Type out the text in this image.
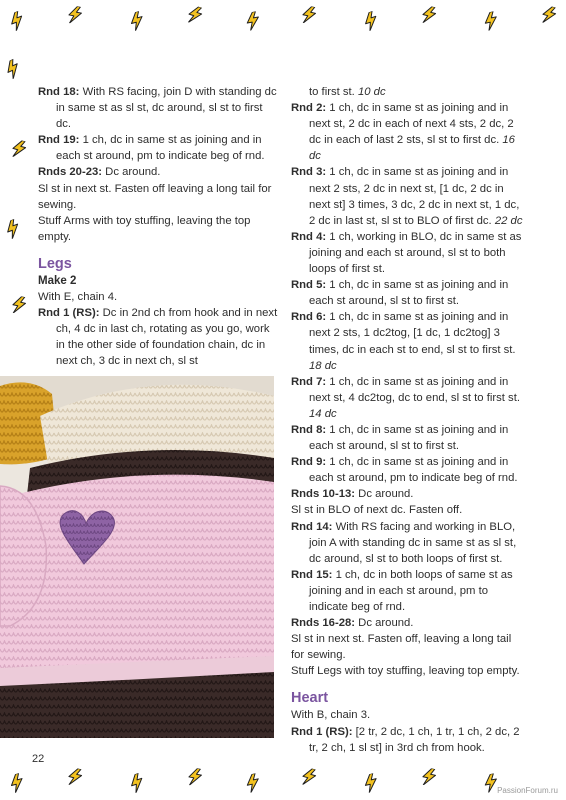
Rnd 18: With RS facing, join D with standing dc in same st as sl st, dc around, sl st to first dc.

Rnd 19: 1 ch, dc in same st as joining and in each st around, pm to indicate beg of rnd.

Rnds 20-23: Dc around.

Sl st in next st. Fasten off leaving a long tail for sewing.

Stuff Arms with toy stuffing, leaving the top empty.

Legs

Make 2

With E, chain 4.

Rnd 1 (RS): Dc in 2nd ch from hook and in next ch, 4 dc in last ch, rotating as you go, work in the other side of foundation chain, dc in next ch, 3 dc in next ch, sl st

to first st. 10 dc

Rnd 2: 1 ch, dc in same st as joining and in next st, 2 dc in each of next 4 sts, 2 dc, 2 dc in each of last 2 sts, sl st to first dc. 16 dc

Rnd 3: 1 ch, dc in same st as joining and in next 2 sts, 2 dc in next st, [1 dc, 2 dc in next st] 3 times, 3 dc, 2 dc in next st, 1 dc, 2 dc in last st, sl st to BLO of first dc. 22 dc

Rnd 4: 1 ch, working in BLO, dc in same st as joining and each st around, sl st to both loops of first st.

Rnd 5: 1 ch, dc in same st as joining and in each st around, sl st to first st.

Rnd 6: 1 ch, dc in same st as joining and in next 2 sts, 1 dc2tog, [1 dc, 1 dc2tog] 3 times, dc in each st to end, sl st to first st. 18 dc

Rnd 7: 1 ch, dc in same st as joining and in next st, 4 dc2tog, dc to end, sl st to first st. 14 dc

Rnd 8: 1 ch, dc in same st as joining and in each st around, sl st to first st.

Rnd 9: 1 ch, dc in same st as joining and in each st around, pm to indicate beg of rnd.

Rnds 10-13: Dc around.

Sl st in BLO of next dc. Fasten off.

Rnd 14: With RS facing and working in BLO, join A with standing dc in same st as sl st, dc around, sl st to both loops of first st.

Rnd 15: 1 ch, dc in both loops of same st as joining and in each st around, pm to indicate beg of rnd.

Rnds 16-28: Dc around.

Sl st in next st. Fasten off, leaving a long tail for sewing.

Stuff Legs with toy stuffing, leaving top empty.

Heart

With B, chain 3.

Rnd 1 (RS): [2 tr, 2 dc, 1 ch, 1 tr, 1 ch, 2 dc, 2 tr, 2 ch, 1 sl st] in 3rd ch from hook.

22
PassionForum.ru
